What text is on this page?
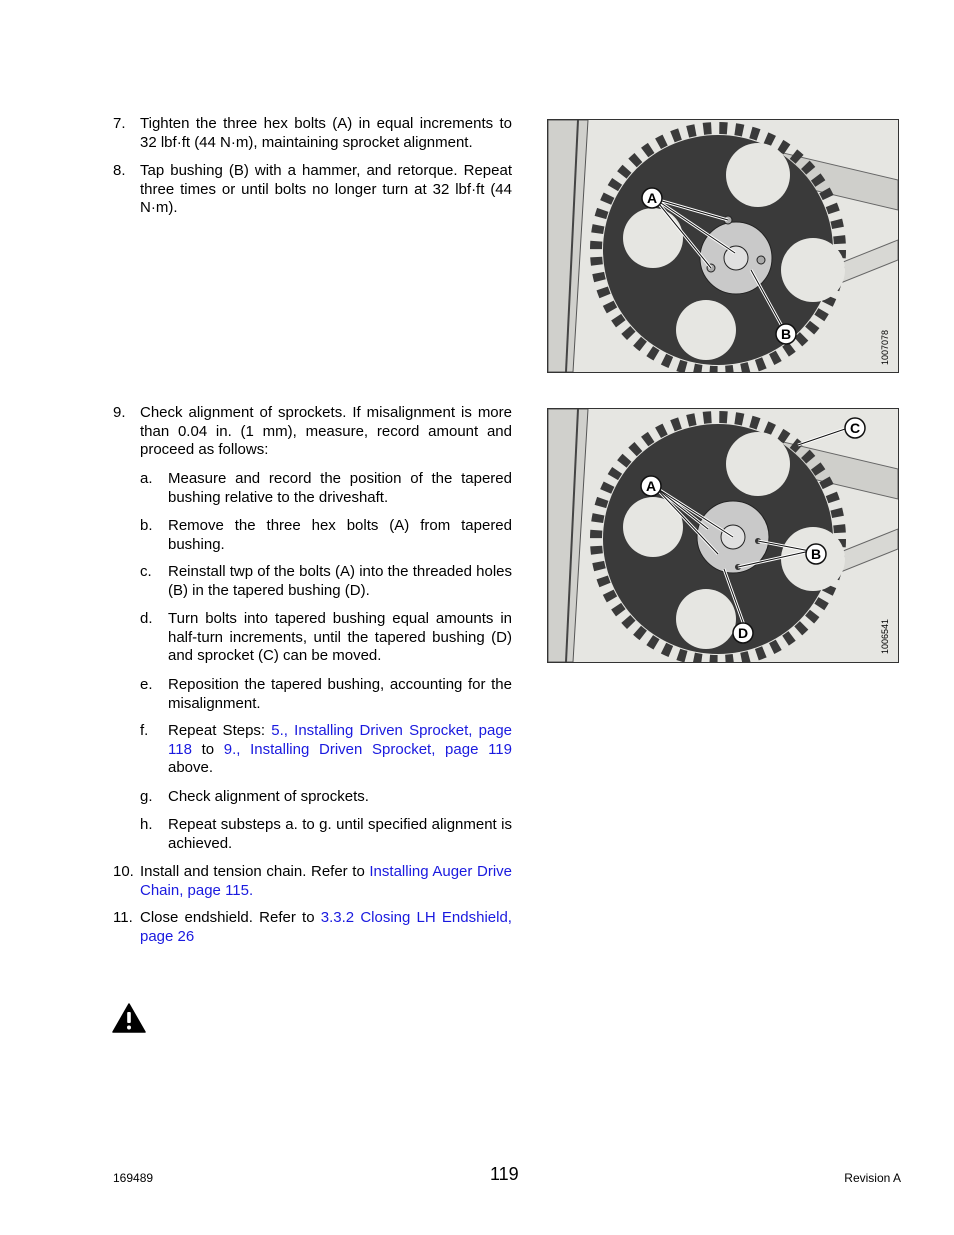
7. Tighten the three hex bolts (A) in equal increments to 32 lbf·ft (44 N·m), maintaining sprocket alignment.
8. Tap bushing (B) with a hammer, and retorque. Repeat three times or until bolts no longer turn at 32 lbf·ft (44 N·m).
9. Check alignment of sprockets. If misalignment is more than 0.04 in. (1 mm), measure, record amount and proceed as follows:
a.	Measure and record the position of the tapered bushing relative to the driveshaft.
b.	Remove the three hex bolts (A) from tapered bushing.
c.	Reinstall twp of the bolts (A) into the threaded holes (B) in the tapered bushing (D).
d.	Turn bolts into tapered bushing equal amounts in half-turn increments, until the tapered bushing (D) and sprocket (C) can be moved.
e.	Reposition the tapered bushing, accounting for the misalignment.
f.	Repeat Steps: 5., Installing Driven Sprocket, page 118 to 9., Installing Driven Sprocket, page 119 above.
g.	Check alignment of sprockets.
h.	Repeat substeps a. to g. until specified alignment is achieved.
10. Install and tension chain. Refer to Installing Auger Drive Chain, page 115.
11. Close endshield. Refer to 3.3.2 Closing LH Endshield, page 26
A
B	1007078
C
A
B
D	1006541
169489	119	Revision A
